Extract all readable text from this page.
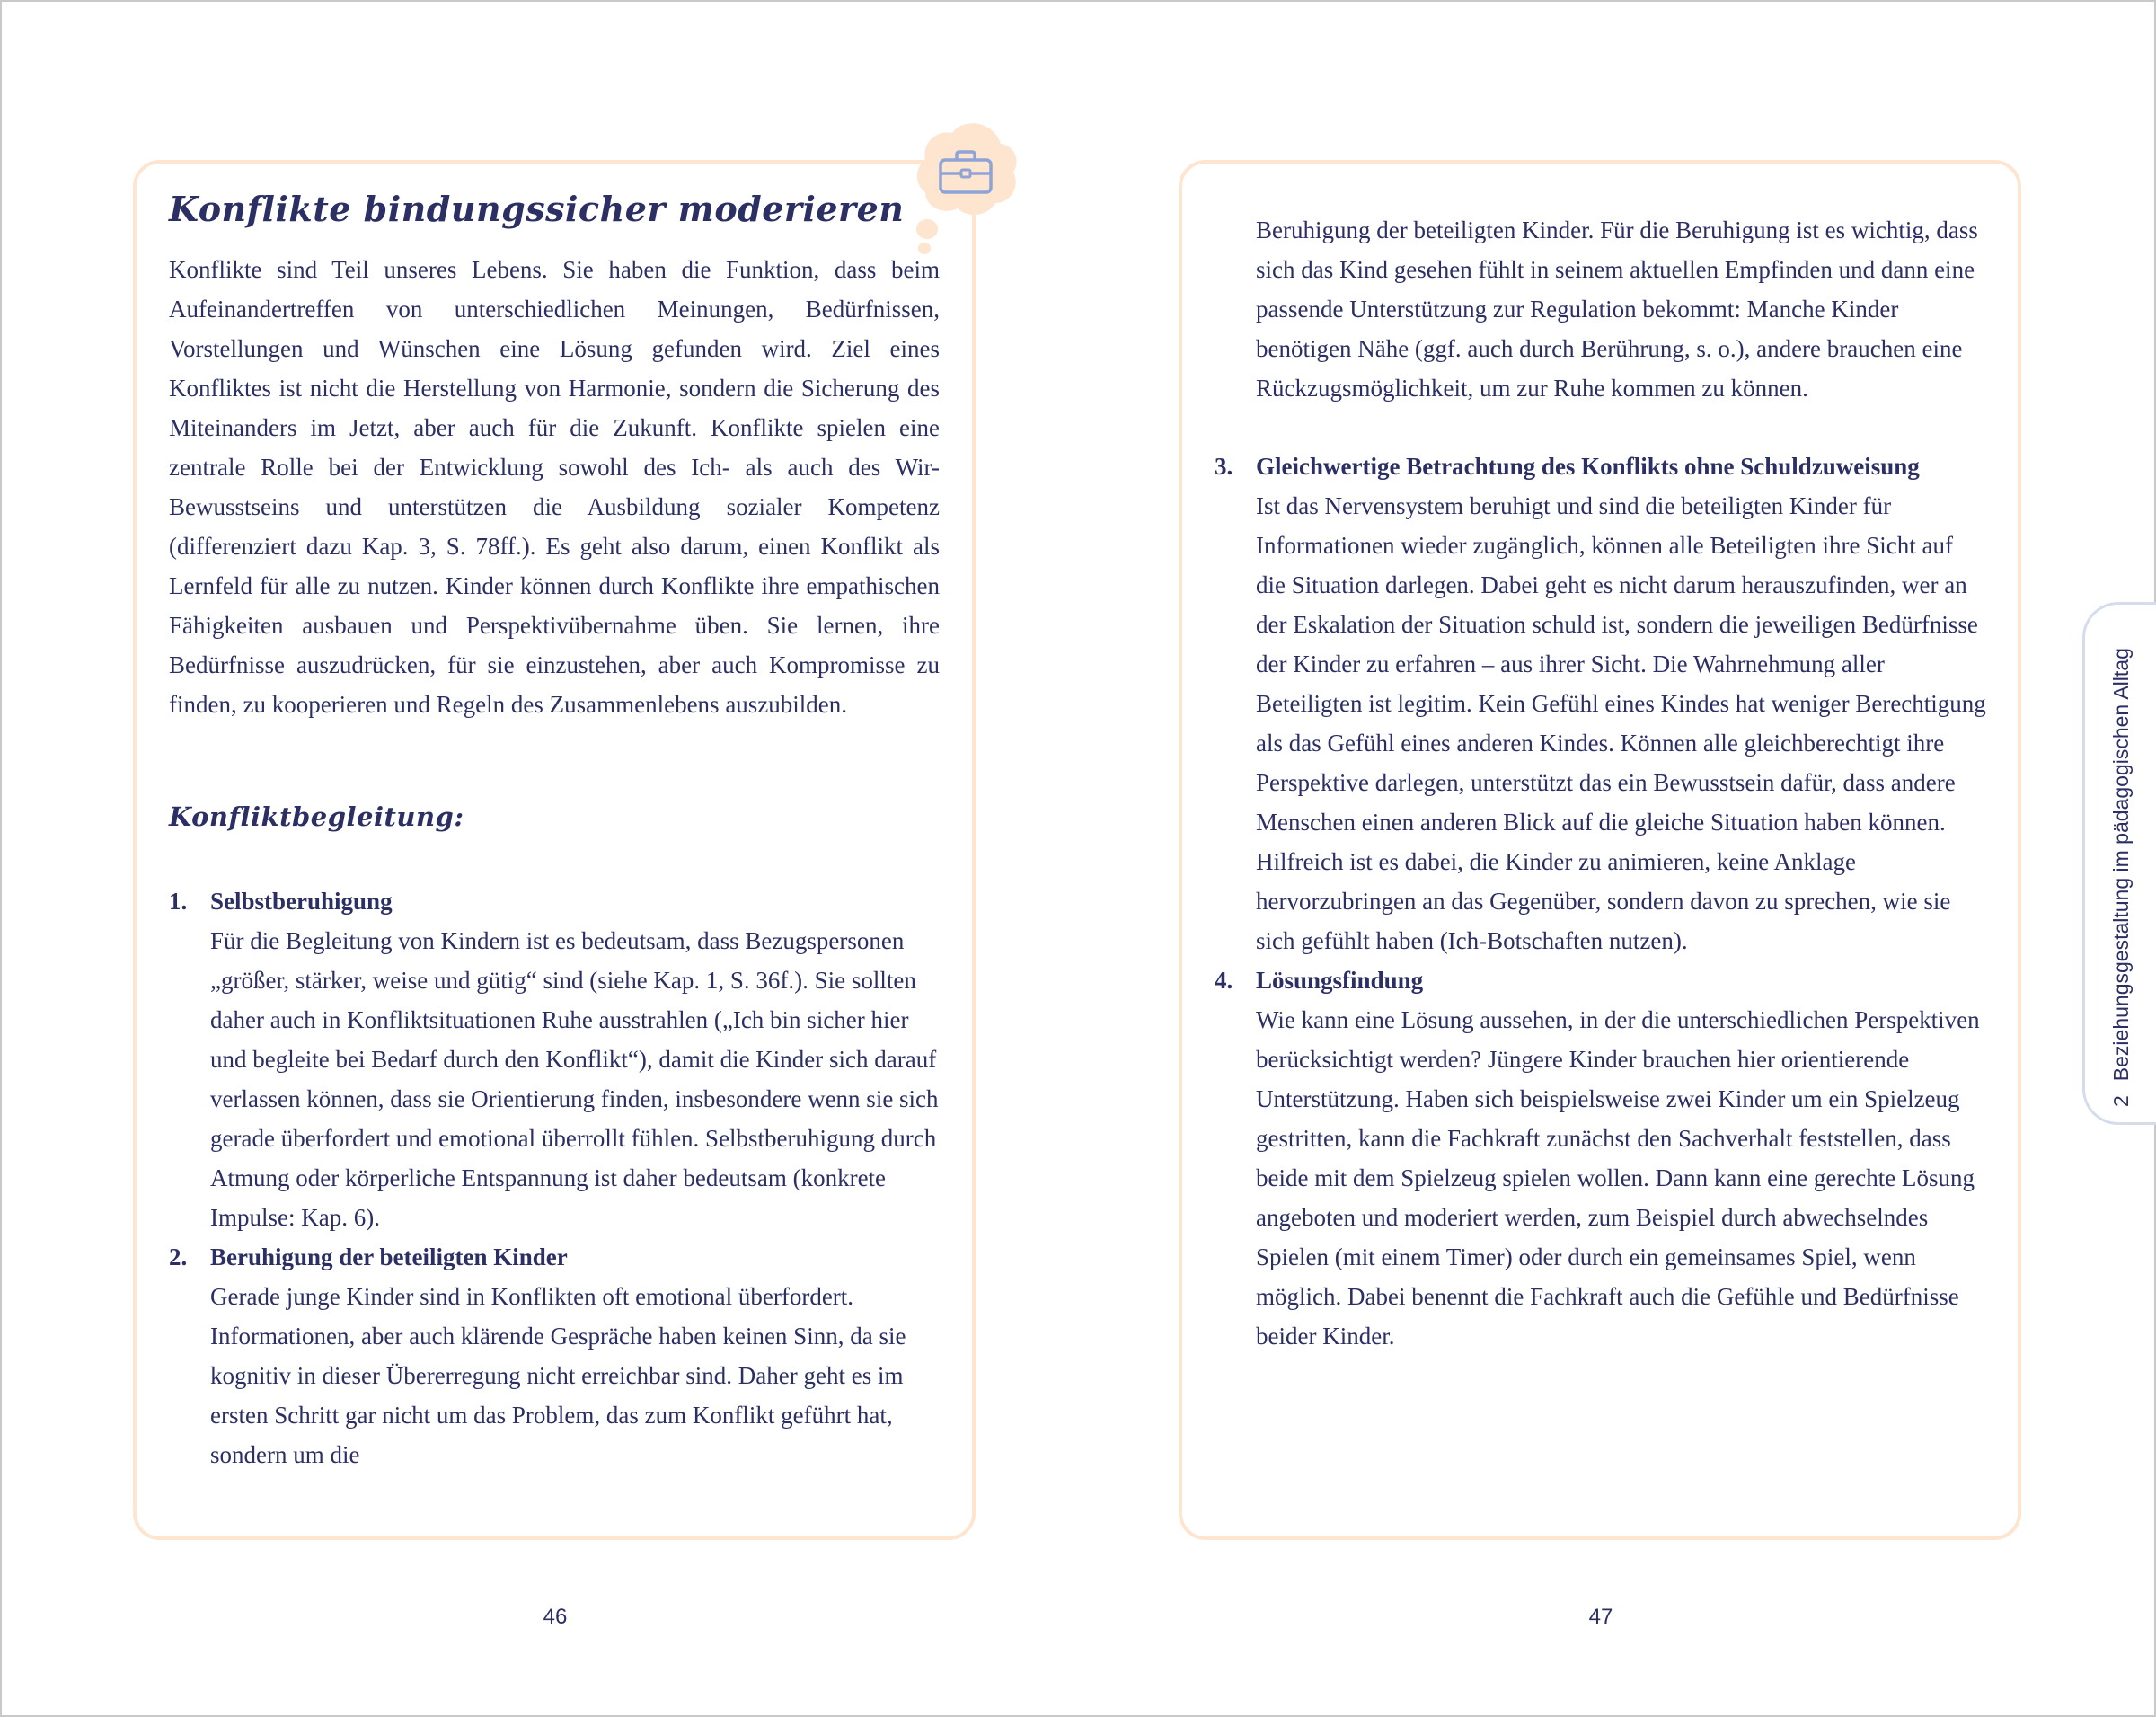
Konflikte bindungssicher moderieren

Konflikte sind Teil unseres Lebens. Sie haben die Funktion, dass beim Aufeinandertreffen von unterschiedlichen Meinungen, Bedürfnissen, Vorstellungen und Wünschen eine Lösung gefunden wird. Ziel eines Konfliktes ist nicht die Herstellung von Harmonie, sondern die Sicherung des Miteinanders im Jetzt, aber auch für die Zukunft. Konflikte spielen eine zentrale Rolle bei der Entwicklung sowohl des Ich- als auch des Wir-Bewusstseins und unterstützen die Ausbildung sozialer Kompetenz (differenziert dazu Kap. 3, S. 78ff.). Es geht also darum, einen Konflikt als Lernfeld für alle zu nutzen. Kinder können durch Konflikte ihre empathischen Fähigkeiten ausbauen und Perspektivübernahme üben. Sie lernen, ihre Bedürfnisse auszudrücken, für sie einzustehen, aber auch Kompromisse zu finden, zu kooperieren und Regeln des Zusammenlebens auszubilden.

Konfliktbegleitung:
1. Selbstberuhigung
Für die Begleitung von Kindern ist es bedeutsam, dass Bezugspersonen „größer, stärker, weise und gütig“ sind (siehe Kap. 1, S. 36f.). Sie sollten daher auch in Konfliktsituationen Ruhe ausstrahlen („Ich bin sicher hier und begleite bei Bedarf durch den Konflikt“), damit die Kinder sich darauf verlassen können, dass sie Orientierung finden, insbesondere wenn sie sich gerade überfordert und emotional überrollt fühlen. Selbstberuhigung durch Atmung oder körperliche Entspannung ist daher bedeutsam (konkrete Impulse: Kap. 6).
2. Beruhigung der beteiligten Kinder
Gerade junge Kinder sind in Konflikten oft emotional überfordert. Informationen, aber auch klärende Gespräche haben keinen Sinn, da sie kognitiv in dieser Übererregung nicht erreichbar sind. Daher geht es im ersten Schritt gar nicht um das Problem, das zum Konflikt geführt hat, sondern um die
46

Beruhigung der beteiligten Kinder. Für die Beruhigung ist es wichtig, dass sich das Kind gesehen fühlt in seinem aktuellen Empfinden und dann eine passende Unterstützung zur Regulation bekommt: Manche Kinder benötigen Nähe (ggf. auch durch Berührung, s. o.), andere brauchen eine Rückzugsmöglichkeit, um zur Ruhe kommen zu können.

3. Gleichwertige Betrachtung des Konflikts ohne Schuldzuweisung
Ist das Nervensystem beruhigt und sind die beteiligten Kinder für Informationen wieder zugänglich, können alle Beteiligten ihre Sicht auf die Situation darlegen. Dabei geht es nicht darum herauszufinden, wer an der Eskalation der Situation schuld ist, sondern die jeweiligen Bedürfnisse der Kinder zu erfahren – aus ihrer Sicht. Die Wahrnehmung aller Beteiligten ist legitim. Kein Gefühl eines Kindes hat weniger Berechtigung als das Gefühl eines anderen Kindes. Können alle gleichberechtigt ihre Perspektive darlegen, unterstützt das ein Bewusstsein dafür, dass andere Menschen einen anderen Blick auf die gleiche Situation haben können. Hilfreich ist es dabei, die Kinder zu animieren, keine Anklage hervorzubringen an das Gegenüber, sondern davon zu sprechen, wie sie sich gefühlt haben (Ich-Botschaften nutzen).
4. Lösungsfindung
Wie kann eine Lösung aussehen, in der die unterschiedlichen Perspektiven berücksichtigt werden? Jüngere Kinder brauchen hier orientierende Unterstützung. Haben sich beispielsweise zwei Kinder um ein Spielzeug gestritten, kann die Fachkraft zunächst den Sachverhalt feststellen, dass beide mit dem Spielzeug spielen wollen. Dann kann eine gerechte Lösung angeboten und moderiert werden, zum Beispiel durch abwechselndes Spielen (mit einem Timer) oder durch ein gemeinsames Spiel, wenn möglich. Dabei benennt die Fachkraft auch die Gefühle und Bedürfnisse beider Kinder.
47
2Beziehungsgestaltung im pädagogischen Alltag
